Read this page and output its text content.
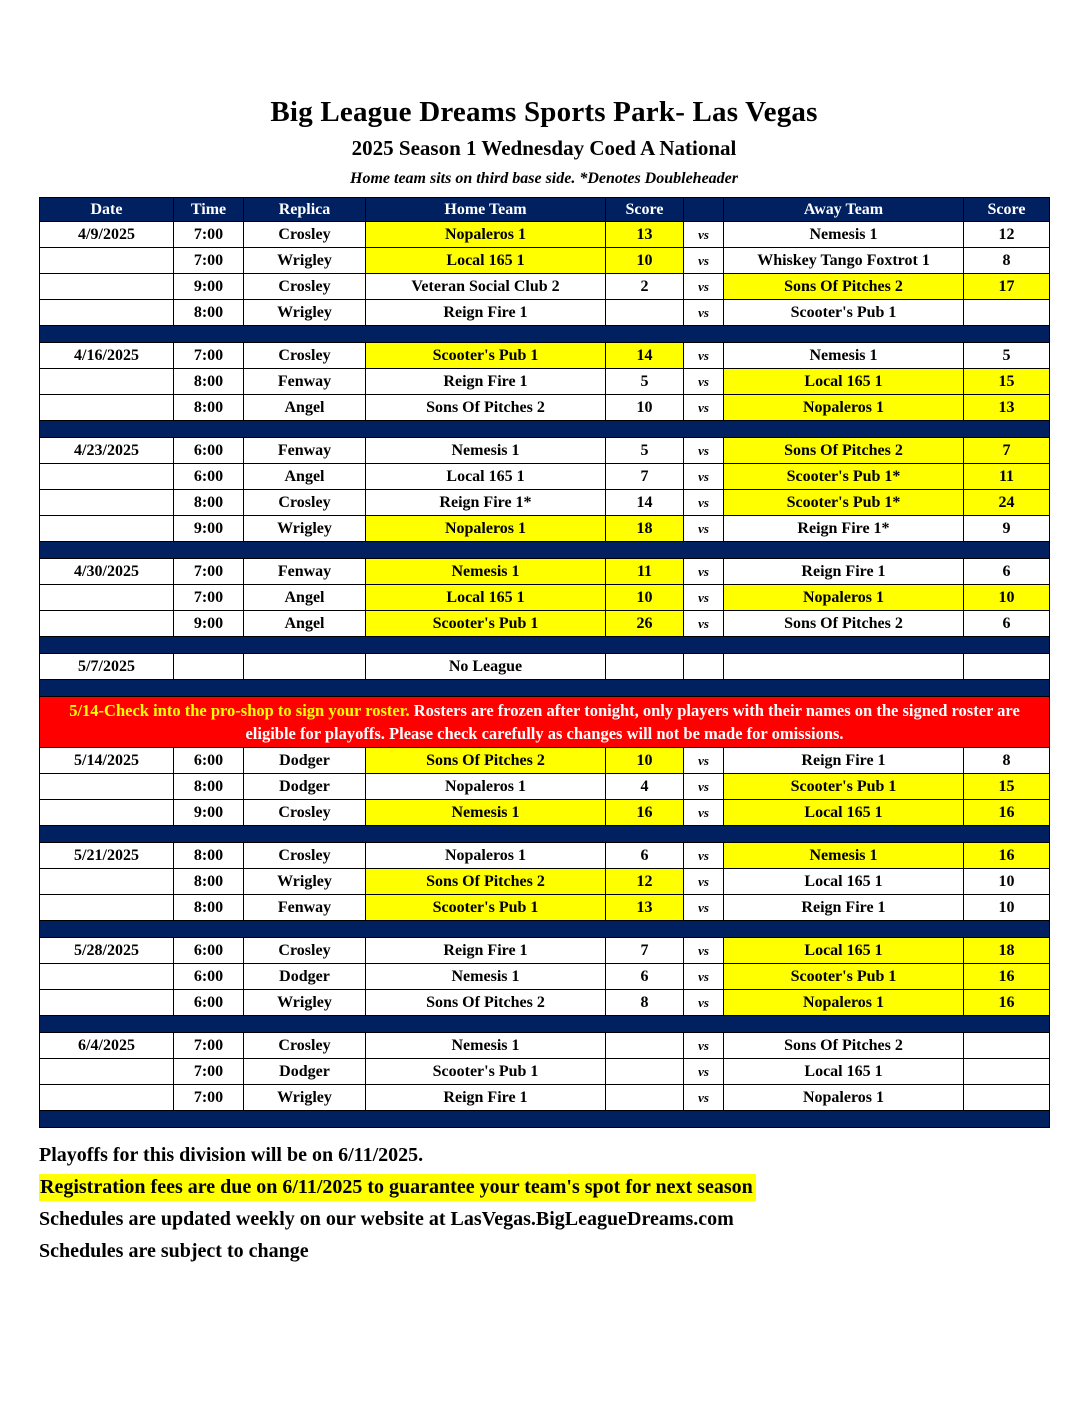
Big League Dreams Sports Park- Las Vegas
2025 Season 1 Wednesday Coed A National
Home team sits on third base side. *Denotes Doubleheader
Date	Time	Replica	Home Team	Score		Away Team	Score
4/9/2025	7:00	Crosley	Nopaleros 1	13	vs	Nemesis 1	12
	7:00	Wrigley	Local 165 1	10	vs	Whiskey Tango Foxtrot 1	8
	9:00	Crosley	Veteran Social Club 2	2	vs	Sons Of Pitches 2	17
	8:00	Wrigley	Reign Fire 1		vs	Scooter's Pub 1	

4/16/2025	7:00	Crosley	Scooter's Pub 1	14	vs	Nemesis 1	5
	8:00	Fenway	Reign Fire 1	5	vs	Local 165 1	15
	8:00	Angel	Sons Of Pitches 2	10	vs	Nopaleros 1	13

4/23/2025	6:00	Fenway	Nemesis 1	5	vs	Sons Of Pitches 2	7
	6:00	Angel	Local 165 1	7	vs	Scooter's Pub 1*	11
	8:00	Crosley	Reign Fire 1*	14	vs	Scooter's Pub 1*	24
	9:00	Wrigley	Nopaleros 1	18	vs	Reign Fire 1*	9

4/30/2025	7:00	Fenway	Nemesis 1	11	vs	Reign Fire 1	6
	7:00	Angel	Local 165 1	10	vs	Nopaleros 1	10
	9:00	Angel	Scooter's Pub 1	26	vs	Sons Of Pitches 2	6

5/7/2025			No League				

5/14-Check into the pro-shop to sign your roster. Rosters are frozen after tonight, only players with their names on the signed roster are eligible for playoffs. Please check carefully as changes will not be made for omissions.							
5/14/2025	6:00	Dodger	Sons Of Pitches 2	10	vs	Reign Fire 1	8
	8:00	Dodger	Nopaleros 1	4	vs	Scooter's Pub 1	15
	9:00	Crosley	Nemesis 1	16	vs	Local 165 1	16

5/21/2025	8:00	Crosley	Nopaleros 1	6	vs	Nemesis 1	16
	8:00	Wrigley	Sons Of Pitches 2	12	vs	Local 165 1	10
	8:00	Fenway	Scooter's Pub 1	13	vs	Reign Fire 1	10

5/28/2025	6:00	Crosley	Reign Fire 1	7	vs	Local 165 1	18
	6:00	Dodger	Nemesis 1	6	vs	Scooter's Pub 1	16
	6:00	Wrigley	Sons Of Pitches 2	8	vs	Nopaleros 1	16

6/4/2025	7:00	Crosley	Nemesis 1		vs	Sons Of Pitches 2	
	7:00	Dodger	Scooter's Pub 1		vs	Local 165 1	
	7:00	Wrigley	Reign Fire 1		vs	Nopaleros 1	

Playoffs for this division will be on 6/11/2025.
Registration fees are due on 6/11/2025 to guarantee your team's spot for next season
Schedules are updated weekly on our website at LasVegas.BigLeagueDreams.com
Schedules are subject to change
